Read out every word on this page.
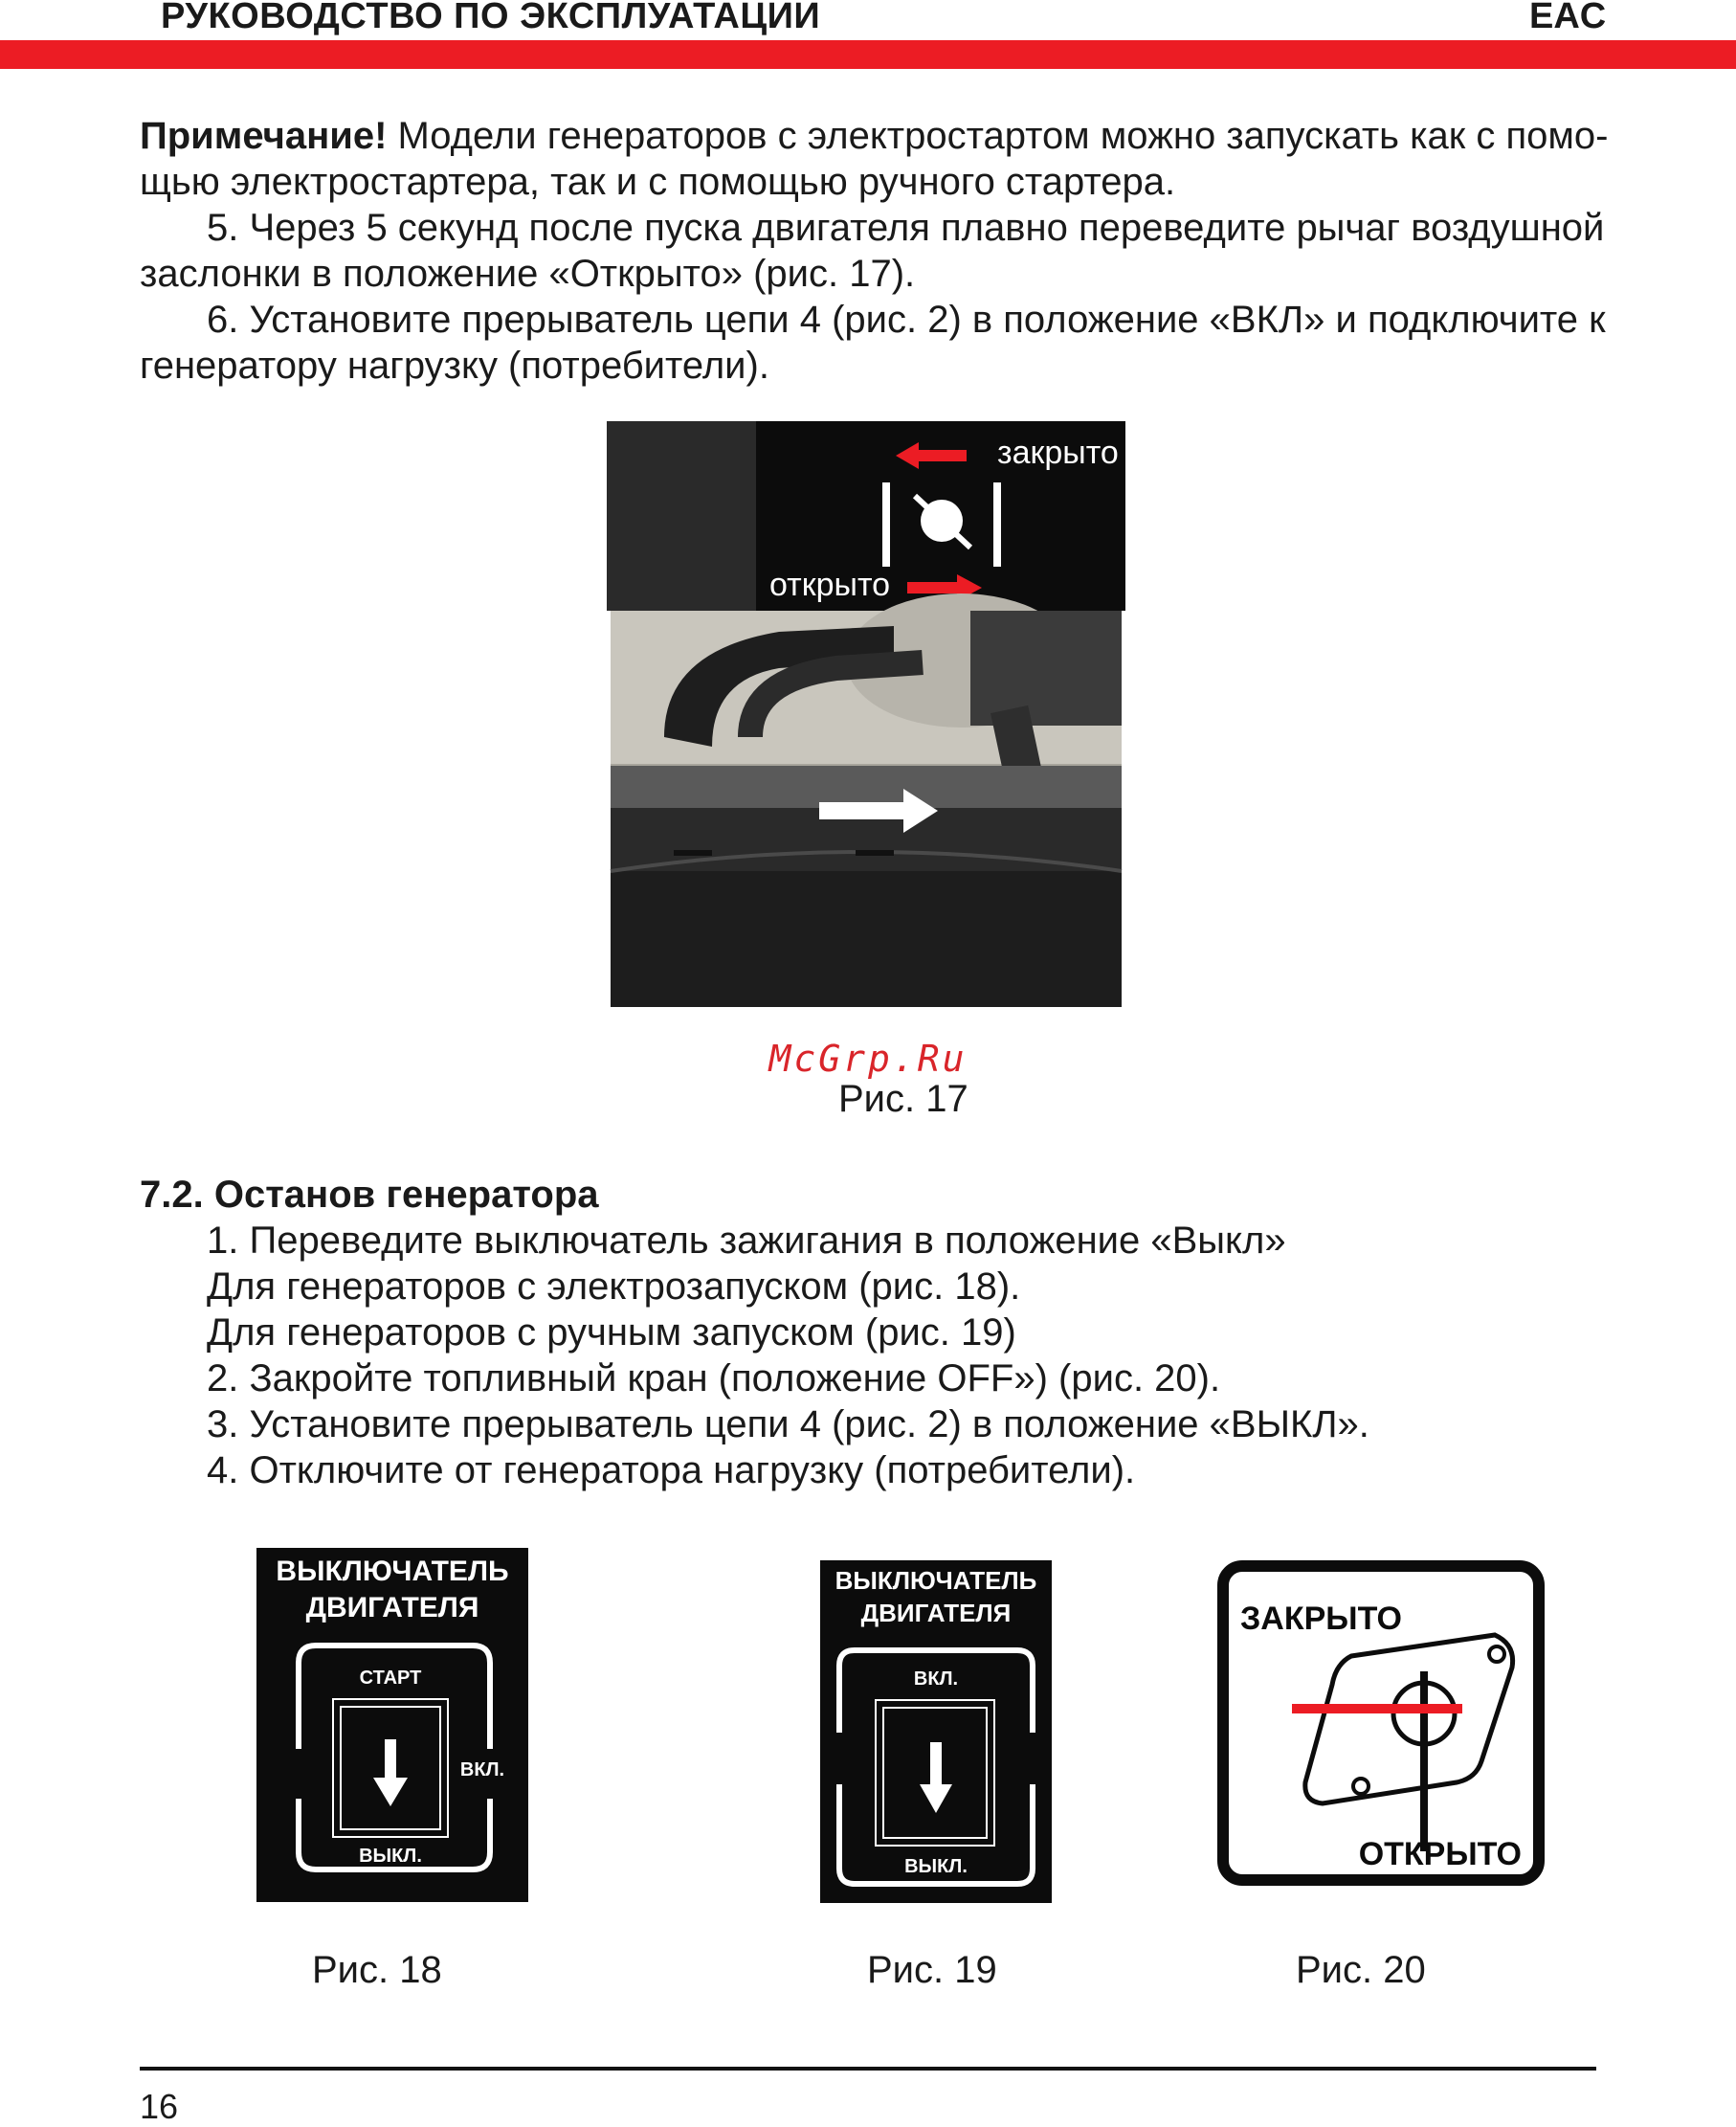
РУКОВОДСТВО ПО ЭКСПЛУАТАЦИИ	EAC
Примечание! Модели генераторов с электростартом можно запускать как с помо-
щью электростартера, так и с помощью ручного стартера.
5. Через 5 секунд после пуска двигателя плавно переведите рычаг воздушной
заслонки в положение «Открыто» (рис. 17).
6. Установите прерыватель цепи 4 (рис. 2) в положение «ВКЛ» и подключите к
генератору нагрузку (потребители).
закрыто
открыто
McGrp.Ru
Рис. 17
7.2. Останов генератора
1. Переведите выключатель зажигания в положение «Выкл»
Для генераторов с электрозапуском (рис. 18).
Для генераторов с ручным запуском (рис. 19)
2. Закройте топливный кран (положение OFF») (рис. 20).
3. Установите прерыватель цепи 4 (рис. 2) в положение «ВЫКЛ».
4. Отключите от генератора нагрузку (потребители).
ВЫКЛЮЧАТЕЛЬ
ДВИГАТЕЛЯ
СТАРТ
ВКЛ.
ВЫКЛ.
Рис. 18
ВЫКЛЮЧАТЕЛЬ
ДВИГАТЕЛЯ
ВКЛ.
ВЫКЛ.
Рис. 19
ЗАКРЫТО
ОТКРЫТО
Рис. 20
16
